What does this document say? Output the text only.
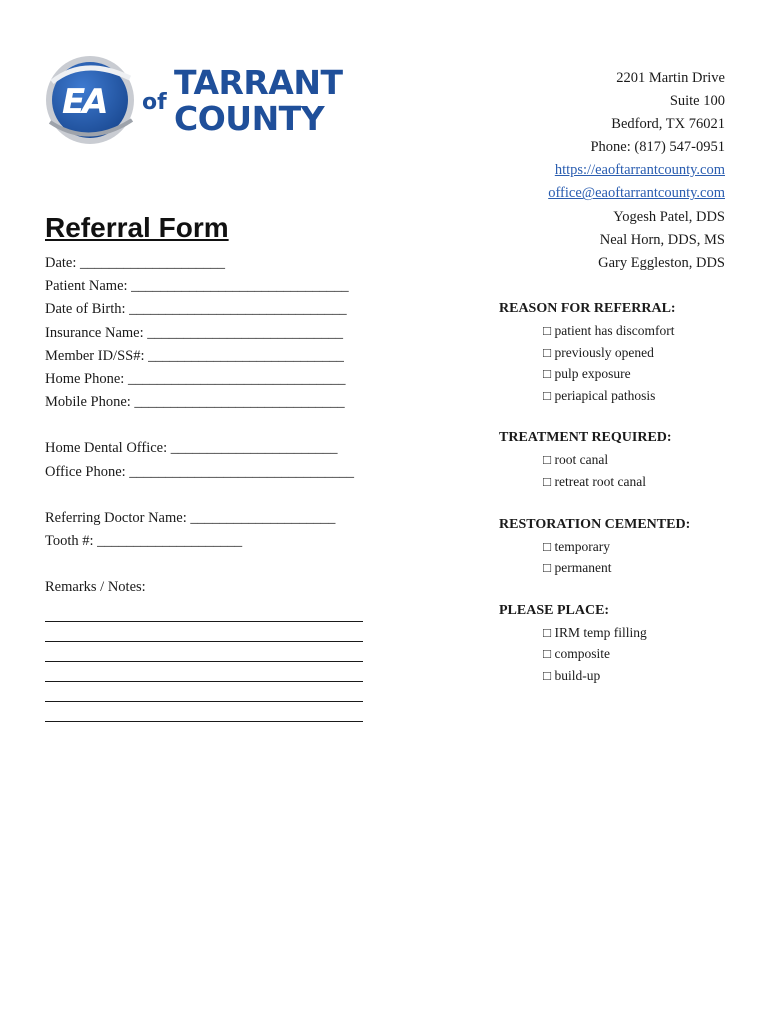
EA of
TARRANT
COUNTY
2201 Martin Drive
Suite 100
Bedford, TX 76021
Phone: (817) 547-0951
https://eaoftarrantcounty.com
office@eaoftarrantcounty.com
Yogesh Patel, DDS
Neal Horn, DDS, MS
Gary Eggleston, DDS
Referral Form
Date: ____________________
Patient Name: ______________________________
Date of Birth: ______________________________
Insurance Name: ___________________________
Member ID/SS#: ___________________________
Home Phone: ______________________________
Mobile Phone: _____________________________
Home Dental Office: _______________________
Office Phone: _______________________________
Referring Doctor Name: ____________________
Tooth #: ____________________
Remarks / Notes:
REASON FOR REFERRAL:
□ patient has discomfort
□ previously opened
□ pulp exposure
□ periapical pathosis
TREATMENT REQUIRED:
□ root canal
□ retreat root canal
RESTORATION CEMENTED:
□ temporary
□ permanent
PLEASE PLACE:
□ IRM temp filling
□ composite
□ build-up
